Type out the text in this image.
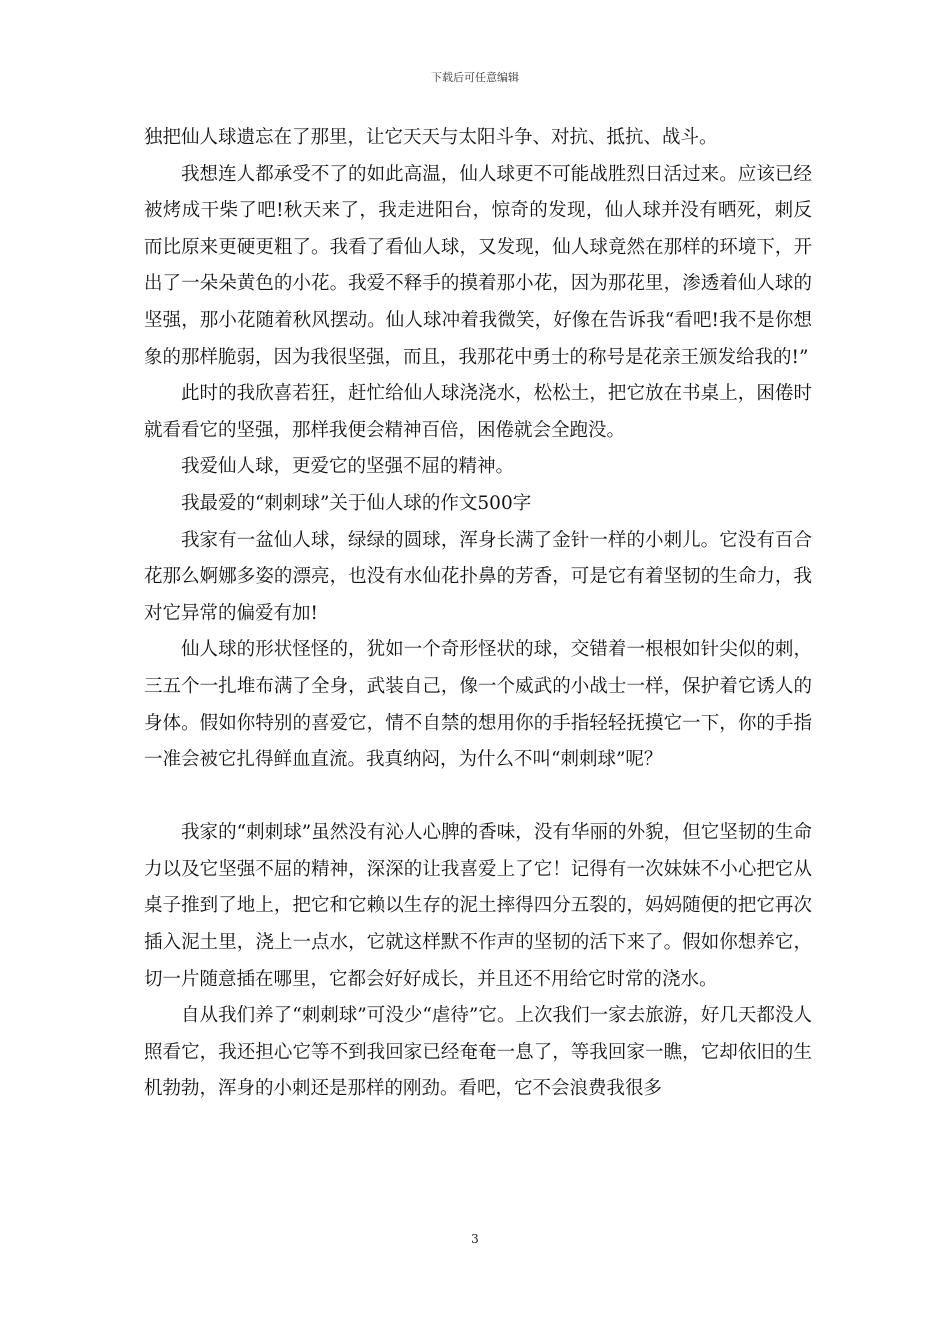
下载后可任意编辑

独把仙人球遗忘在了那里，让它天天与太阳斗争、对抗、抵抗、战斗。

我想连人都承受不了的如此高温，仙人球更不可能战胜烈日活过来。应该已经被烤成干柴了吧!秋天来了，我走进阳台，惊奇的发现，仙人球并没有晒死，刺反而比原来更硬更粗了。我看了看仙人球，又发现，仙人球竟然在那样的环境下，开出了一朵朵黄色的小花。我爱不释手的摸着那小花，因为那花里，渗透着仙人球的坚强，那小花随着秋风摆动。仙人球冲着我微笑，好像在告诉我“看吧!我不是你想象的那样脆弱，因为我很坚强，而且，我那花中勇士的称号是花亲王颁发给我的!”

此时的我欣喜若狂，赶忙给仙人球浇浇水，松松土，把它放在书桌上，困倦时就看看它的坚强，那样我便会精神百倍，困倦就会全跑没。

我爱仙人球，更爱它的坚强不屈的精神。

我最爱的“刺刺球”关于仙人球的作文500字

我家有一盆仙人球，绿绿的圆球，浑身长满了金针一样的小刺儿。它没有百合花那么婀娜多姿的漂亮，也没有水仙花扑鼻的芳香，可是它有着坚韧的生命力，我对它异常的偏爱有加!

仙人球的形状怪怪的，犹如一个奇形怪状的球，交错着一根根如针尖似的刺，三五个一扎堆布满了全身，武装自己，像一个威武的小战士一样，保护着它诱人的身体。假如你特别的喜爱它，情不自禁的想用你的手指轻轻抚摸它一下，你的手指一准会被它扎得鲜血直流。我真纳闷，为什么不叫“刺刺球”呢？

我家的“刺刺球”虽然没有沁人心脾的香味，没有华丽的外貌，但它坚韧的生命力以及它坚强不屈的精神，深深的让我喜爱上了它！记得有一次妹妹不小心把它从桌子推到了地上，把它和它赖以生存的泥土摔得四分五裂的，妈妈随便的把它再次插入泥土里，浇上一点水，它就这样默不作声的坚韧的活下来了。假如你想养它，切一片随意插在哪里，它都会好好成长，并且还不用给它时常的浇水。

自从我们养了“刺刺球”可没少“虐待”它。上次我们一家去旅游，好几天都没人照看它，我还担心它等不到我回家已经奄奄一息了，等我回家一瞧，它却依旧的生机勃勃，浑身的小刺还是那样的刚劲。看吧，它不会浪费我很多

3
